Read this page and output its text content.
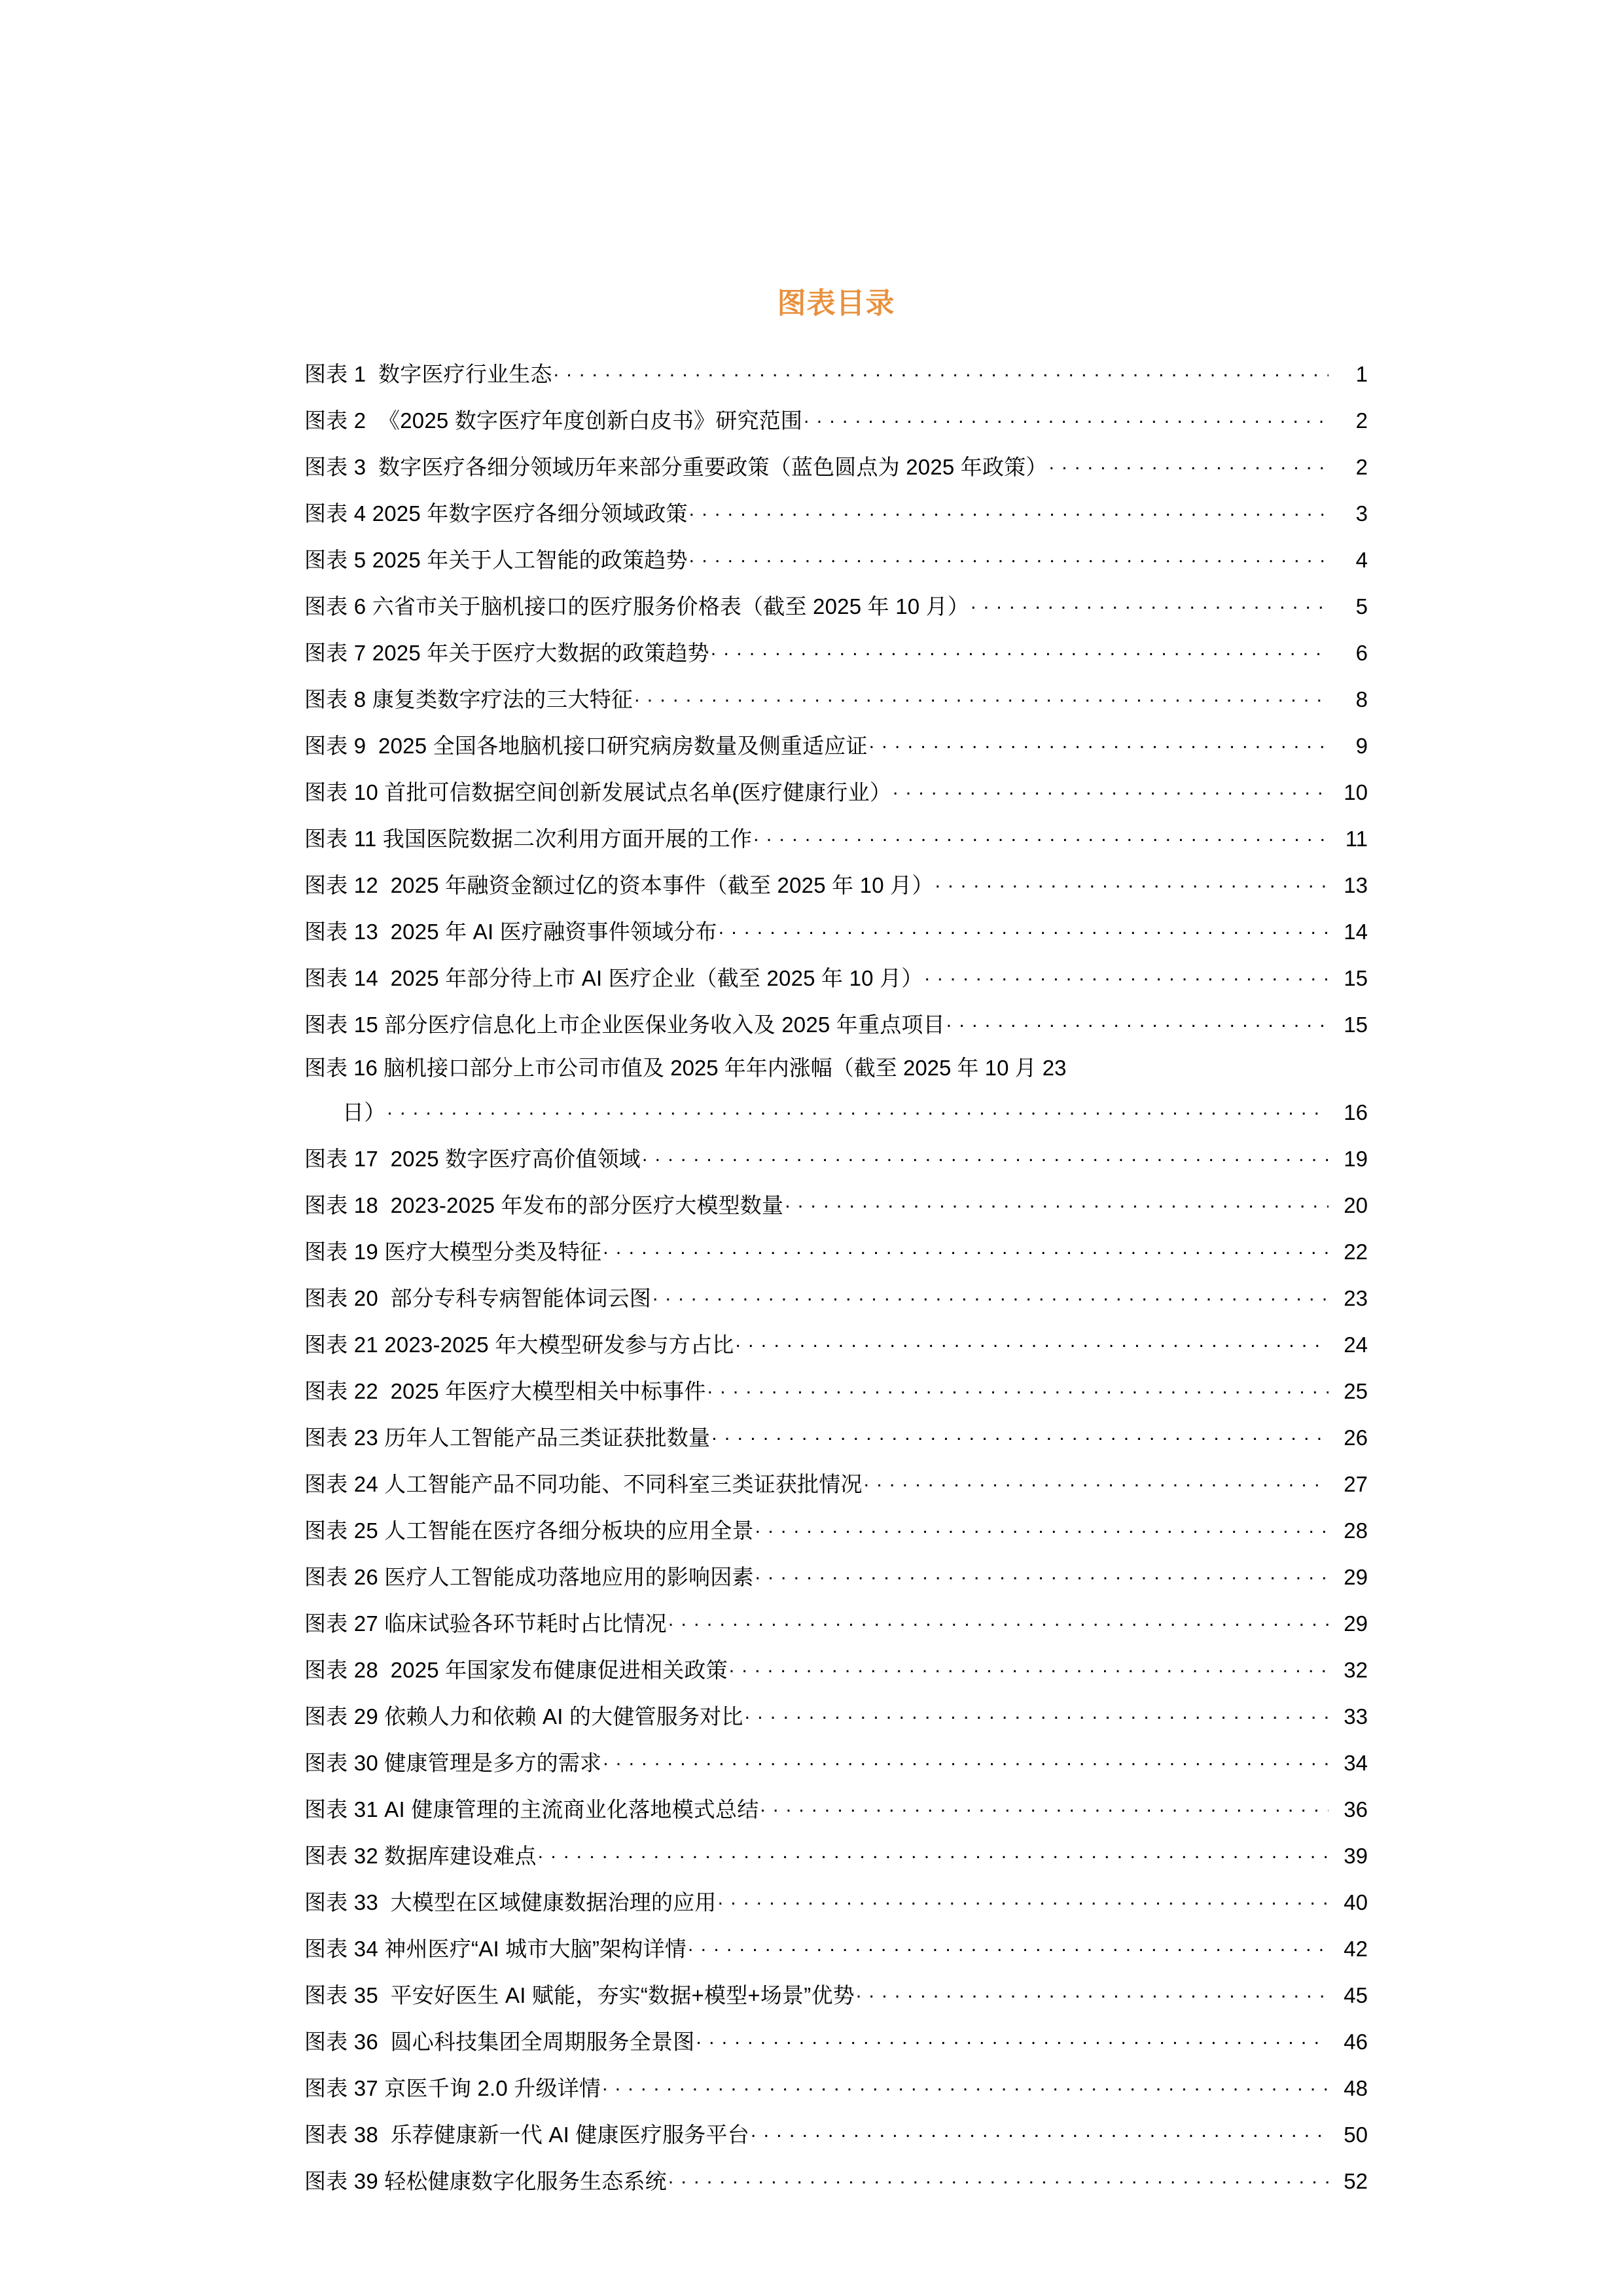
图表目录
图表 1  数字医疗行业生态 . . .	1
图表 2  《2025 数字医疗年度创新白皮书》研究范围 . . .	2
图表 3  数字医疗各细分领域历年来部分重要政策（蓝色圆点为 2025 年政策） . . .	2
图表 4 2025 年数字医疗各细分领域政策 . . .	3
图表 5 2025 年关于人工智能的政策趋势 . . .	4
图表 6 六省市关于脑机接口的医疗服务价格表（截至 2025 年 10 月） . . .	5
图表 7 2025 年关于医疗大数据的政策趋势 . . .	6
图表 8 康复类数字疗法的三大特征 . . .	8
图表 9  2025 全国各地脑机接口研究病房数量及侧重适应证 . . .	9
图表 10 首批可信数据空间创新发展试点名单(医疗健康行业） . . .	10
图表 11 我国医院数据二次利用方面开展的工作 . . .	11
图表 12  2025 年融资金额过亿的资本事件（截至 2025 年 10 月） . . .	13
图表 13  2025 年 AI 医疗融资事件领域分布 . . .	14
图表 14  2025 年部分待上市 AI 医疗企业（截至 2025 年 10 月） . . .	15
图表 15 部分医疗信息化上市企业医保业务收入及 2025 年重点项目 . . .	15
图表 16 脑机接口部分上市公司市值及 2025 年年内涨幅（截至 2025 年 10 月 23
日） . . .	16
图表 17  2025 数字医疗高价值领域 . . .	19
图表 18  2023-2025 年发布的部分医疗大模型数量 . . .	20
图表 19 医疗大模型分类及特征 . . .	22
图表 20  部分专科专病智能体词云图 . . .	23
图表 21 2023-2025 年大模型研发参与方占比 . . .	24
图表 22  2025 年医疗大模型相关中标事件 . . .	25
图表 23 历年人工智能产品三类证获批数量 . . .	26
图表 24 人工智能产品不同功能、不同科室三类证获批情况 . . .	27
图表 25 人工智能在医疗各细分板块的应用全景 . . .	28
图表 26 医疗人工智能成功落地应用的影响因素 . . .	29
图表 27 临床试验各环节耗时占比情况 . . .	29
图表 28  2025 年国家发布健康促进相关政策 . . .	32
图表 29 依赖人力和依赖 AI 的大健管服务对比 . . .	33
图表 30 健康管理是多方的需求 . . .	34
图表 31 AI 健康管理的主流商业化落地模式总结 . . .	36
图表 32 数据库建设难点 . . .	39
图表 33  大模型在区域健康数据治理的应用 . . .	40
图表 34 神州医疗“AI 城市大脑”架构详情 . . .	42
图表 35  平安好医生 AI 赋能，夯实“数据+模型+场景”优势 . . .	45
图表 36  圆心科技集团全周期服务全景图 . . .	46
图表 37 京医千询 2.0 升级详情 . . .	48
图表 38  乐荐健康新一代 AI 健康医疗服务平台 . . .	50
图表 39 轻松健康数字化服务生态系统 . . .	52
